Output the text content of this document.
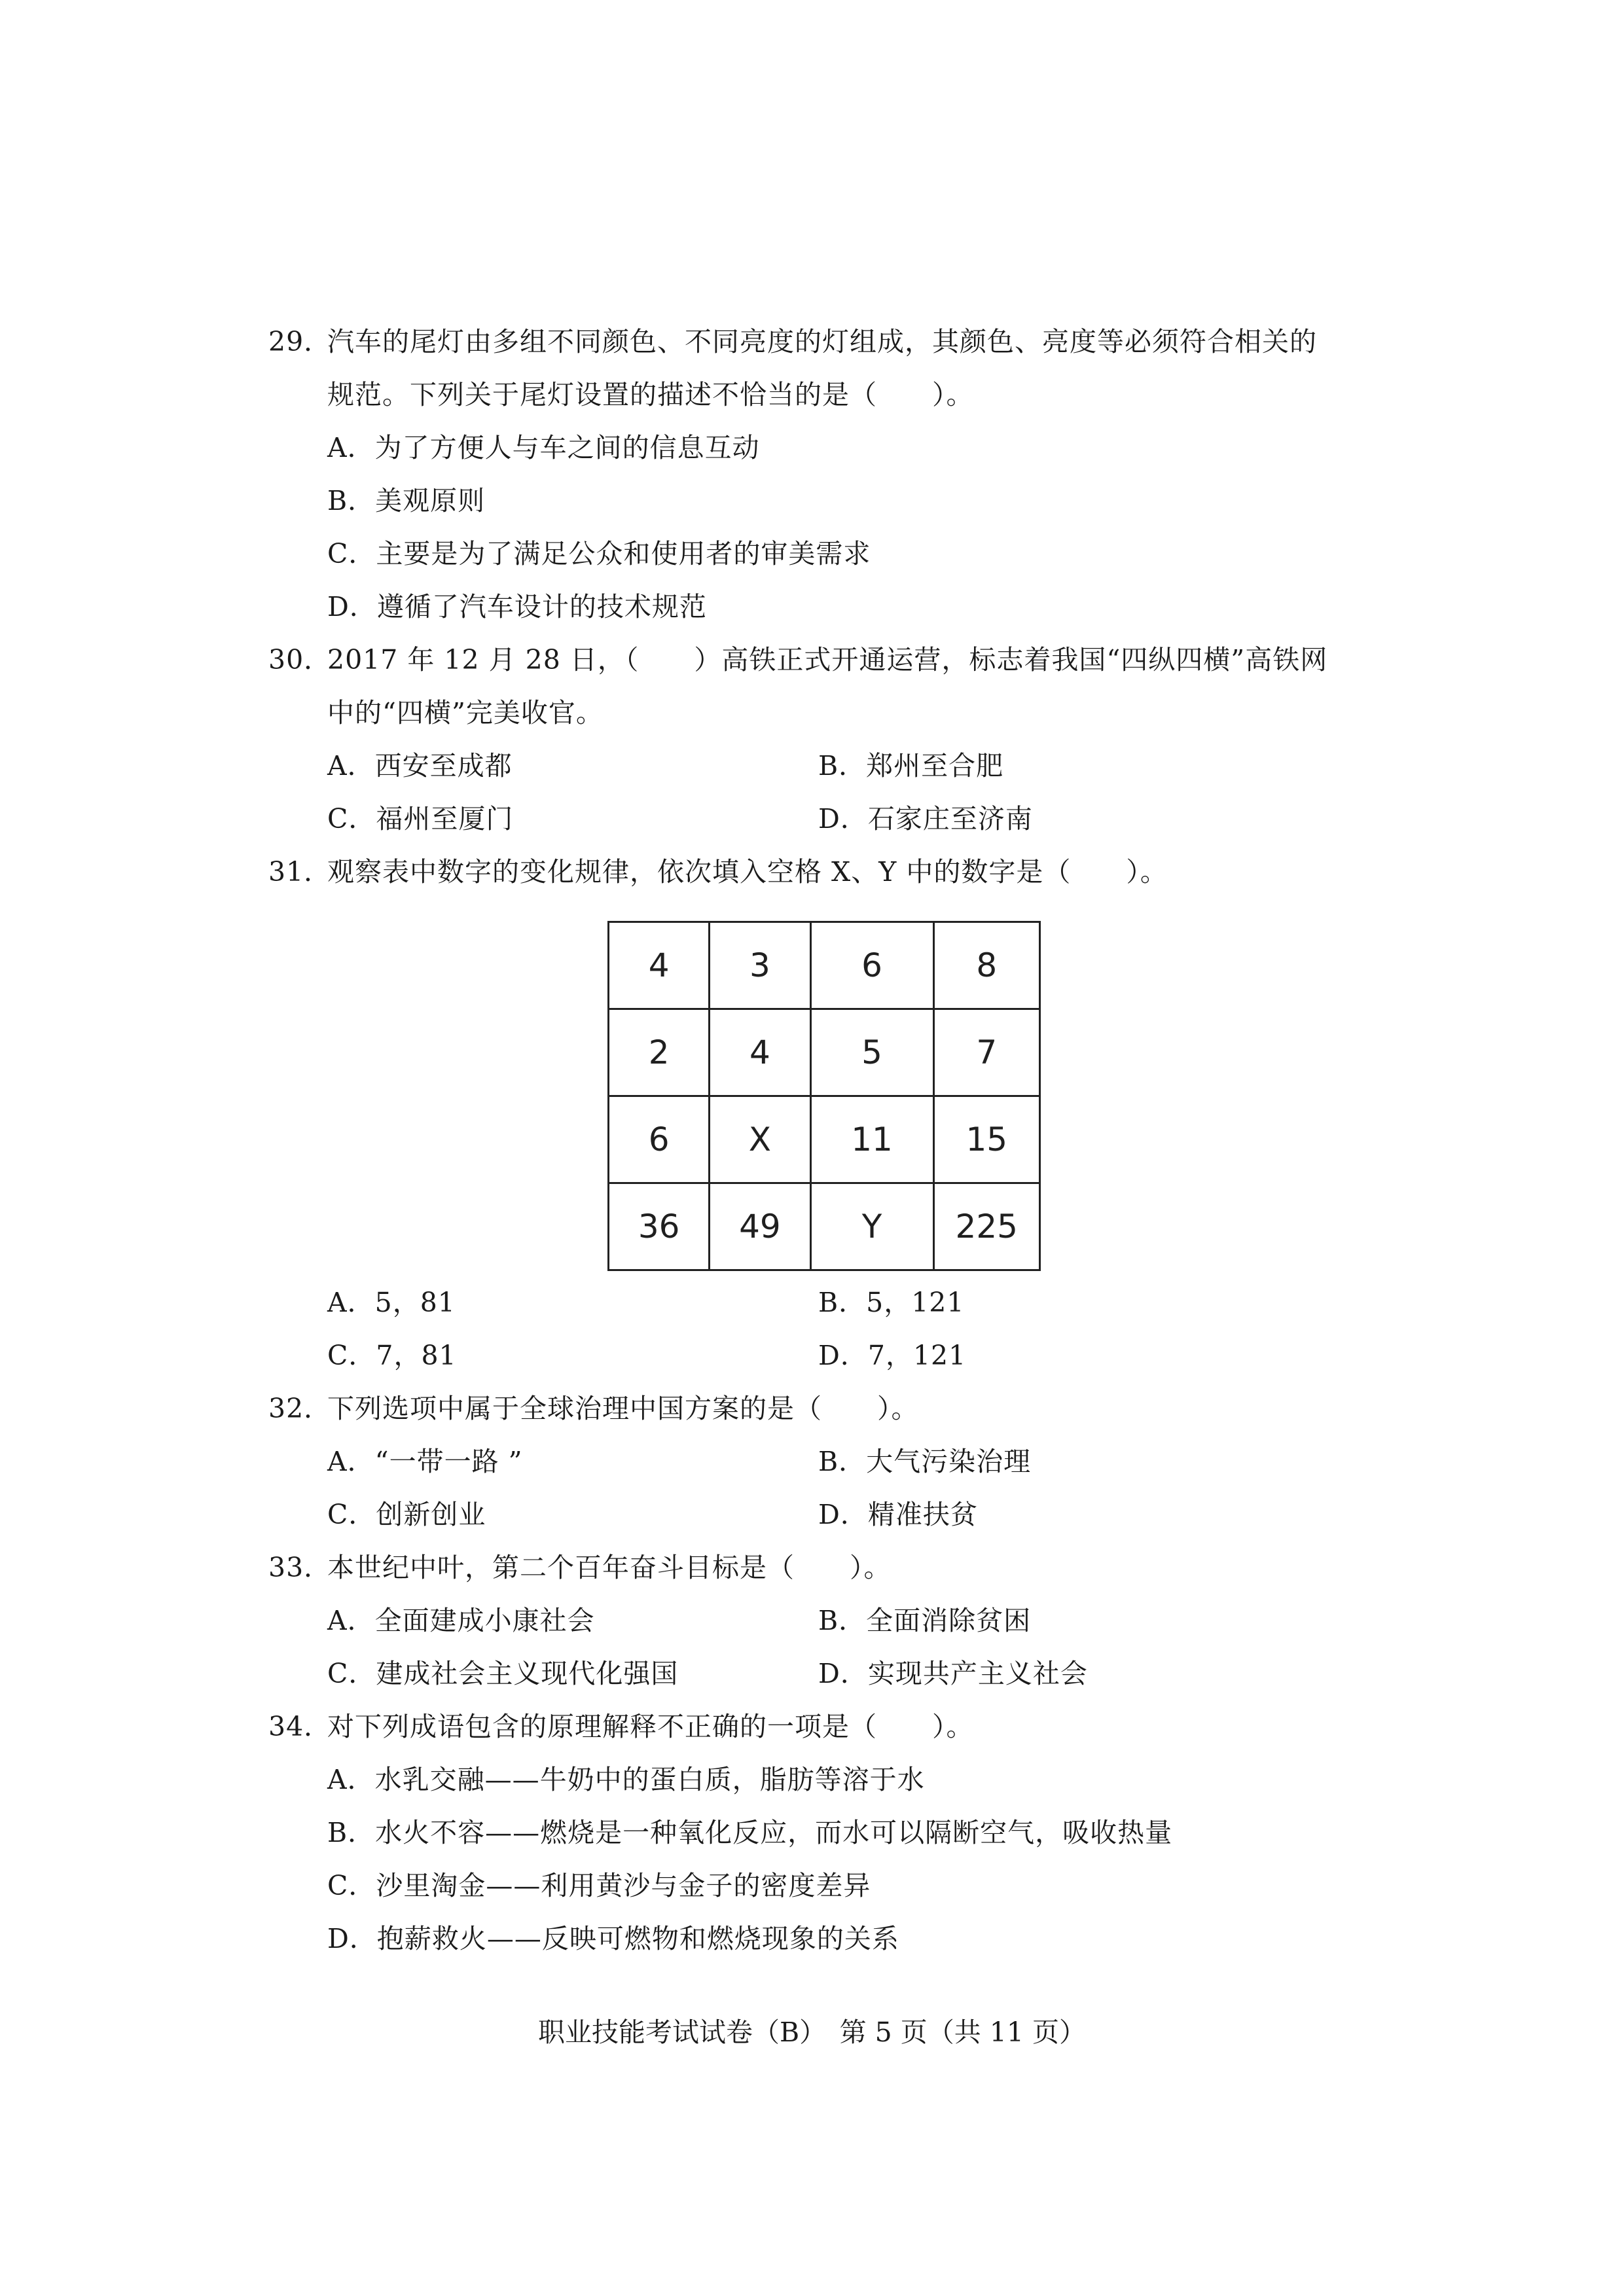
29．
汽车的尾灯由多组不同颜色、不同亮度的灯组成，其颜色、亮度等必须符合相关的
规范。下列关于尾灯设置的描述不恰当的是（　　）。
A．为了方便人与车之间的信息互动
B．美观原则
C．主要是为了满足公众和使用者的审美需求
D．遵循了汽车设计的技术规范
30．
2017 年 12 月 28 日，（　　）高铁正式开通运营，标志着我国“四纵四横”高铁网
中的“四横”完美收官。
A．西安至成都	B．郑州至合肥
C．福州至厦门	D．石家庄至济南
31．
观察表中数字的变化规律，依次填入空格 X、Y 中的数字是（　　）。
4	3	6	8
2	4	5	7
6	X	11	15
36	49	Y	225
A．5，81	B．5，121
C．7，81	D．7，121
32．
下列选项中属于全球治理中国方案的是（　　）。
A．“一带一路 ”	B．大气污染治理
C．创新创业	D．精准扶贫
33．
本世纪中叶，第二个百年奋斗目标是（　　）。
A．全面建成小康社会	B．全面消除贫困
C．建成社会主义现代化强国	D．实现共产主义社会
34．
对下列成语包含的原理解释不正确的一项是（　　）。
A．水乳交融——牛奶中的蛋白质，脂肪等溶于水
B．水火不容——燃烧是一种氧化反应，而水可以隔断空气，吸收热量
C．沙里淘金——利用黄沙与金子的密度差异
D．抱薪救火——反映可燃物和燃烧现象的关系
职业技能考试试卷（B）　第 5 页（共 11 页）
